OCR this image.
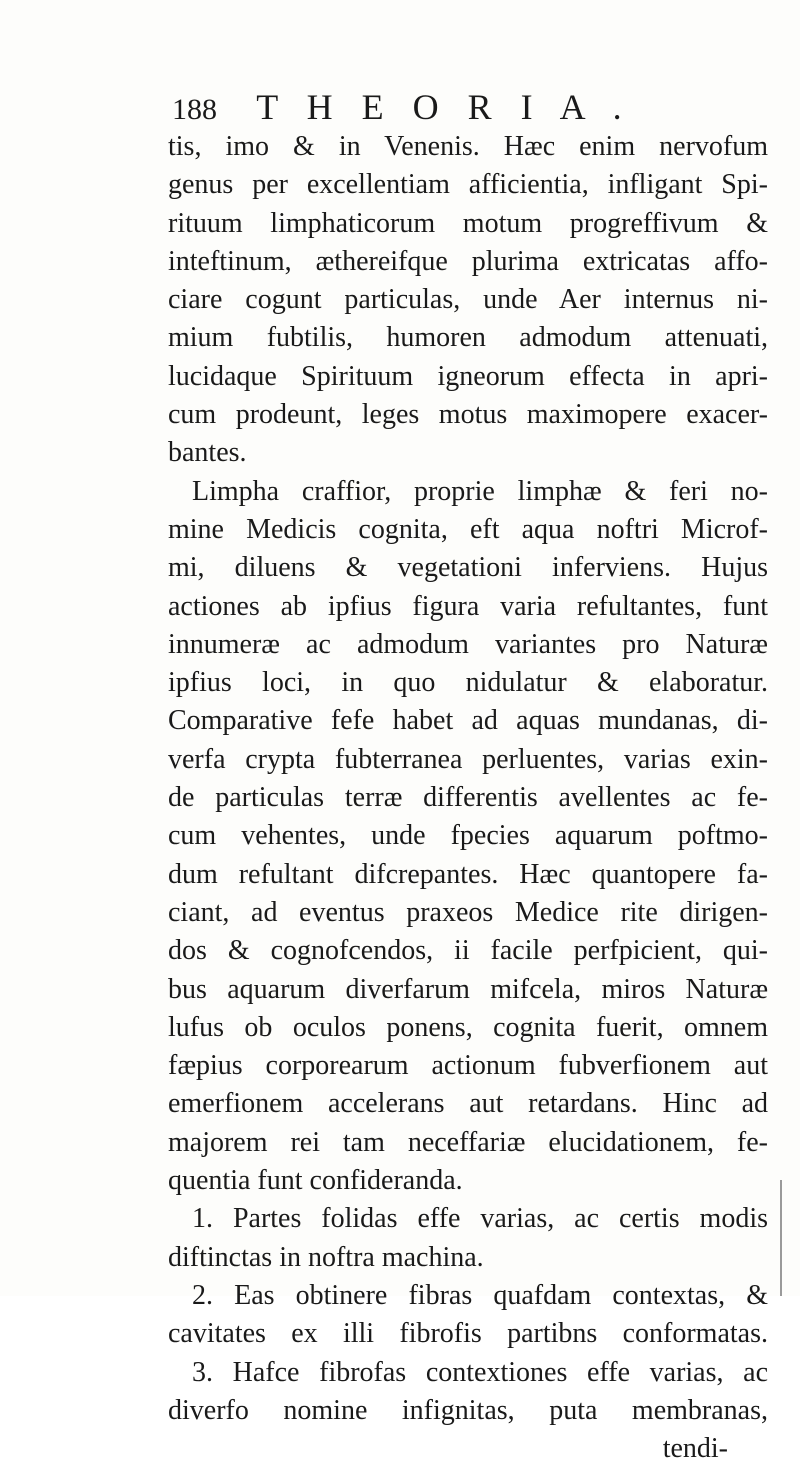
188 T H E O R I A .
tis, imo & in Venenis. Hæc enim nervofum
genus per excellentiam afficientia, infligant Spi-
rituum limphaticorum motum progreffivum &
inteftinum, æthereifque plurima extricatas affo-
ciare cogunt particulas, unde Aer internus ni-
mium fubtilis, humoren admodum attenuati,
lucidaque Spirituum igneorum effecta in apri-
cum prodeunt, leges motus maximopere exacer-
bantes.
Limpha craffior, proprie limphæ & feri no-
mine Medicis cognita, eft aqua noftri Microf-
mi, diluens & vegetationi inferviens. Hujus
actiones ab ipfius figura varia refultantes, funt
innumeræ ac admodum variantes pro Naturæ
ipfius loci, in quo nidulatur & elaboratur.
Comparative fefe habet ad aquas mundanas, di-
verfa crypta fubterranea perluentes, varias exin-
de particulas terræ differentis avellentes ac fe-
cum vehentes, unde fpecies aquarum poftmo-
dum refultant difcrepantes. Hæc quantopere fa-
ciant, ad eventus praxeos Medice rite dirigen-
dos & cognofcendos, ii facile perfpicient, qui-
bus aquarum diverfarum mifcela, miros Naturæ
lufus ob oculos ponens, cognita fuerit, omnem
fæpius corporearum actionum fubverfionem aut
emerfionem accelerans aut retardans. Hinc ad
majorem rei tam neceffariæ elucidationem, fe-
quentia funt confideranda.
1. Partes folidas effe varias, ac certis modis
diftinctas in noftra machina.
2. Eas obtinere fibras quafdam contextas, &
cavitates ex illi fibrofis partibns conformatas.
3. Hafce fibrofas contextiones effe varias, ac
diverfo nomine infignitas, puta membranas,
tendi-
